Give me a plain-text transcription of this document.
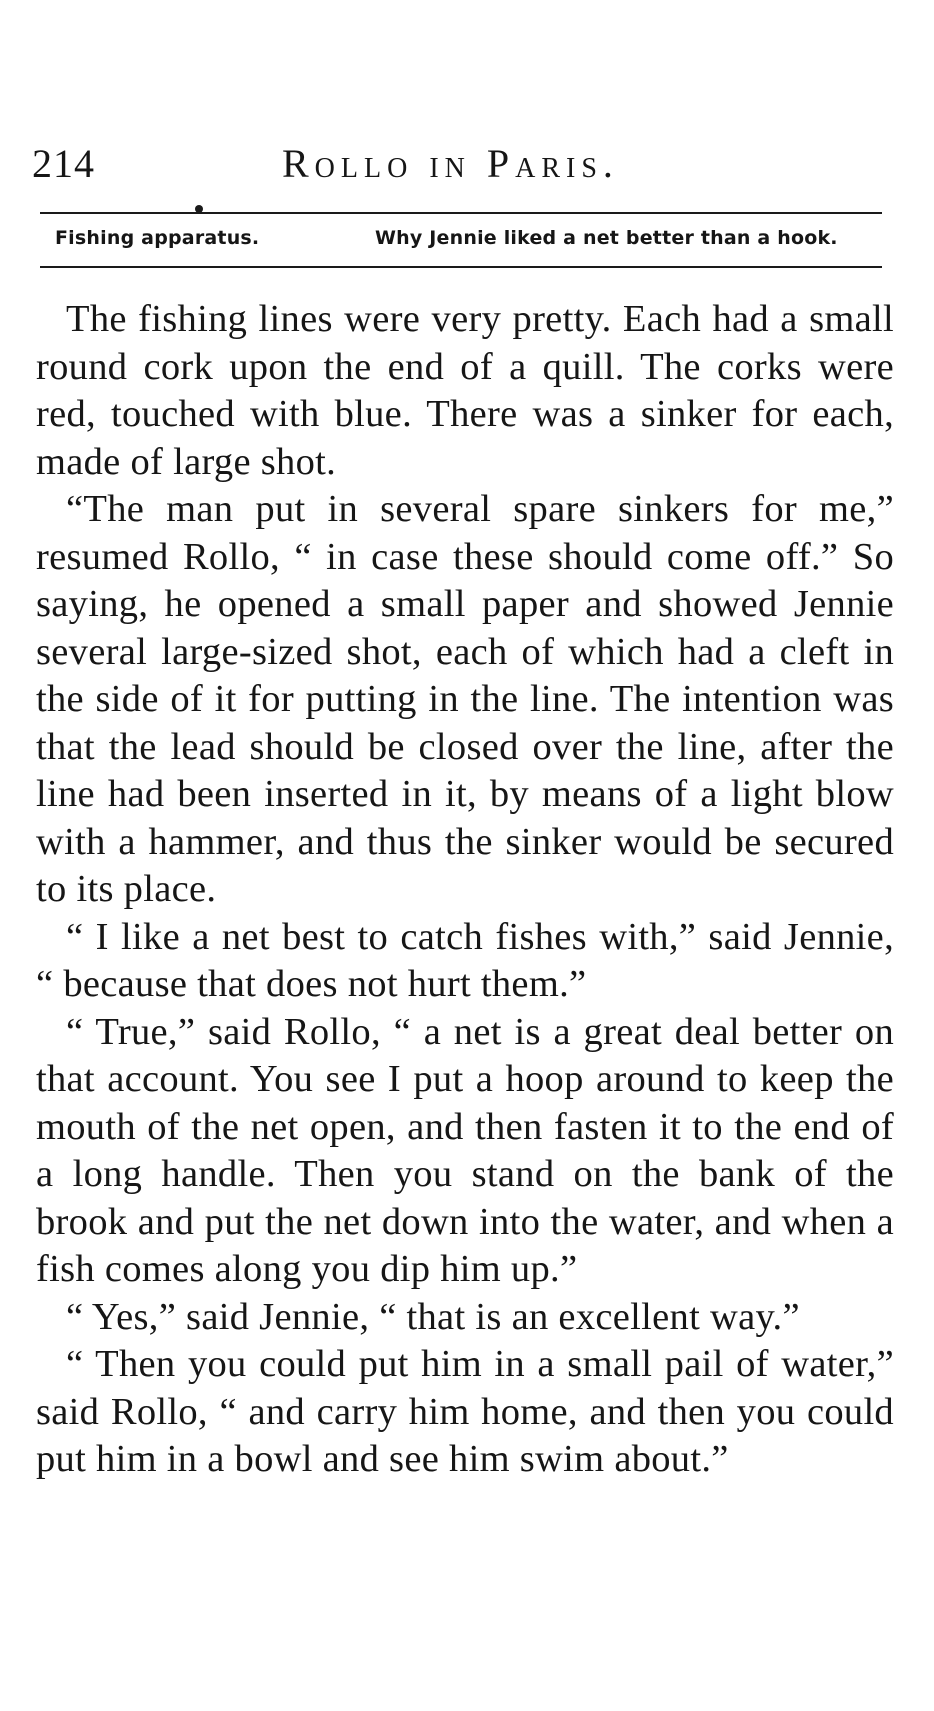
214	Rollo in Paris.
Fishing apparatus.	Why Jennie liked a net better than a hook.

The fishing lines were very pretty. Each had a small round cork upon the end of a quill. The corks were red, touched with blue. There was a sinker for each, made of large shot.

“The man put in several spare sinkers for me,” resumed Rollo, “ in case these should come off.” So saying, he opened a small paper and showed Jennie several large-sized shot, each of which had a cleft in the side of it for putting in the line. The intention was that the lead should be closed over the line, after the line had been inserted in it, by means of a light blow with a hammer, and thus the sinker would be secured to its place.

“ I like a net best to catch fishes with,” said Jennie, “ because that does not hurt them.”

“ True,” said Rollo, “ a net is a great deal better on that account. You see I put a hoop around to keep the mouth of the net open, and then fasten it to the end of a long handle. Then you stand on the bank of the brook and put the net down into the water, and when a fish comes along you dip him up.”

“ Yes,” said Jennie, “ that is an excellent way.”

“ Then you could put him in a small pail of water,” said Rollo, “ and carry him home, and then you could put him in a bowl and see him swim about.”
